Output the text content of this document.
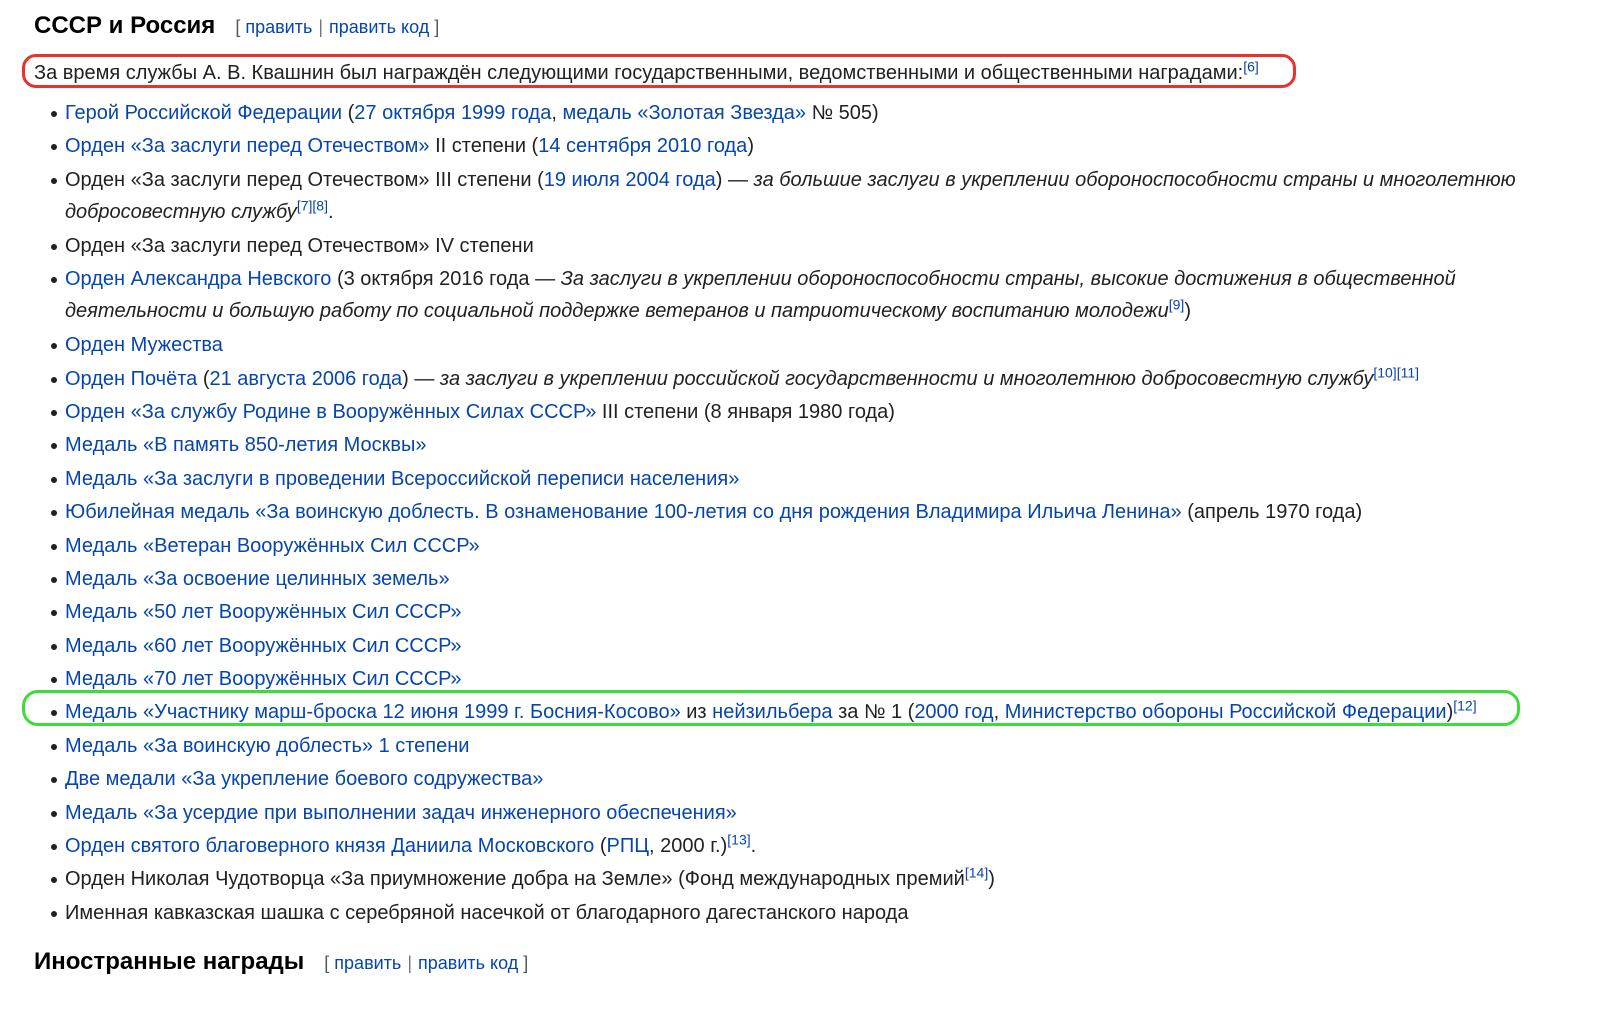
СССР и Россия [ править | править код ]
За время службы А. В. Квашнин был награждён следующими государственными, ведомственными и общественными наградами:[6]
Герой Российской Федерации (27 октября 1999 года, медаль «Золотая Звезда» № 505)
Орден «За заслуги перед Отечеством» II степени (14 сентября 2010 года)
Орден «За заслуги перед Отечеством» III степени (19 июля 2004 года) — за большие заслуги в укреплении обороноспособности страны и многолетнюю добросовестную службу[7][8].
Орден «За заслуги перед Отечеством» IV степени
Орден Александра Невского (3 октября 2016 года — За заслуги в укреплении обороноспособности страны, высокие достижения в общественной деятельности и большую работу по социальной поддержке ветеранов и патриотическому воспитанию молодежи[9])
Орден Мужества
Орден Почёта (21 августа 2006 года) — за заслуги в укреплении российской государственности и многолетнюю добросовестную службу[10][11]
Орден «За службу Родине в Вооружённых Силах СССР» III степени (8 января 1980 года)
Медаль «В память 850-летия Москвы»
Медаль «За заслуги в проведении Всероссийской переписи населения»
Юбилейная медаль «За воинскую доблесть. В ознаменование 100-летия со дня рождения Владимира Ильича Ленина» (апрель 1970 года)
Медаль «Ветеран Вооружённых Сил СССР»
Медаль «За освоение целинных земель»
Медаль «50 лет Вооружённых Сил СССР»
Медаль «60 лет Вооружённых Сил СССР»
Медаль «70 лет Вооружённых Сил СССР»
Медаль «Участнику марш-броска 12 июня 1999 г. Босния-Косово» из нейзильбера за № 1 (2000 год, Министерство обороны Российской Федерации)[12]
Медаль «За воинскую доблесть» 1 степени
Две медали «За укрепление боевого содружества»
Медаль «За усердие при выполнении задач инженерного обеспечения»
Орден святого благоверного князя Даниила Московского (РПЦ, 2000 г.)[13].
Орден Николая Чудотворца «За приумножение добра на Земле» (Фонд международных премий[14])
Именная кавказская шашка с серебряной насечкой от благодарного дагестанского народа
Иностранные награды [ править | править код ]
